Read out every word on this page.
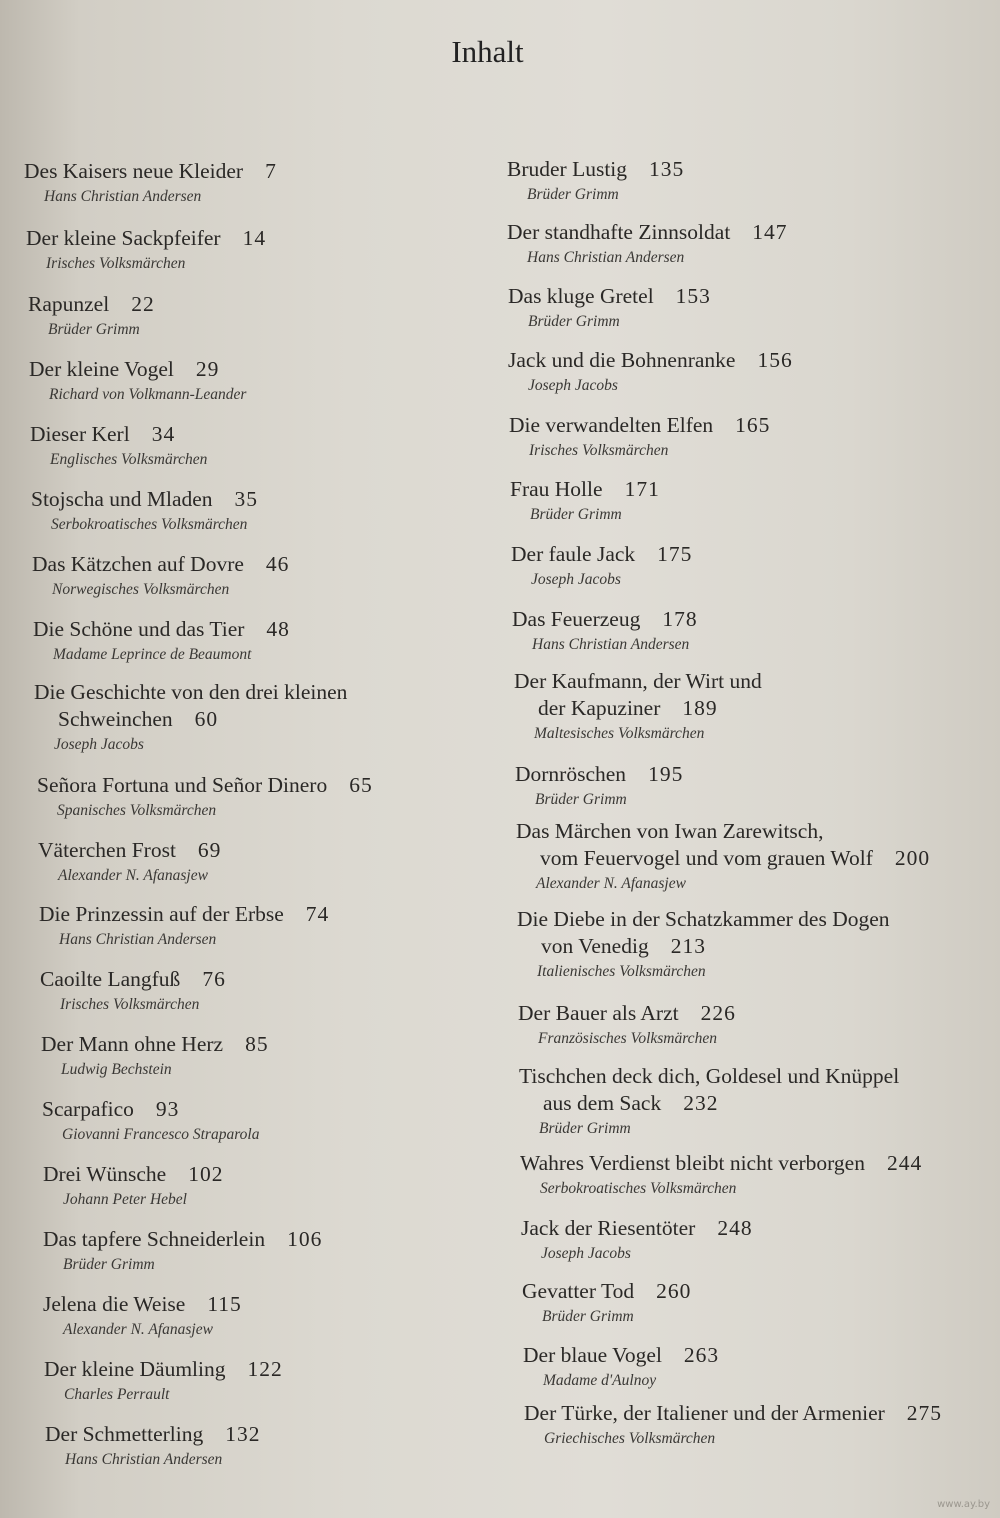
Inhalt
Des Kaisers neue Kleider 7
Hans Christian Andersen
Der kleine Sackpfeifer 14
Irisches Volksmärchen
Rapunzel 22
Brüder Grimm
Der kleine Vogel 29
Richard von Volkmann-Leander
Dieser Kerl 34
Englisches Volksmärchen
Stojscha und Mladen 35
Serbokroatisches Volksmärchen
Das Kätzchen auf Dovre 46
Norwegisches Volksmärchen
Die Schöne und das Tier 48
Madame Leprince de Beaumont
Die Geschichte von den drei kleinen
Schweinchen 60
Joseph Jacobs
Señora Fortuna und Señor Dinero 65
Spanisches Volksmärchen
Väterchen Frost 69
Alexander N. Afanasjew
Die Prinzessin auf der Erbse 74
Hans Christian Andersen
Caoilte Langfuß 76
Irisches Volksmärchen
Der Mann ohne Herz 85
Ludwig Bechstein
Scarpafico 93
Giovanni Francesco Straparola
Drei Wünsche 102
Johann Peter Hebel
Das tapfere Schneiderlein 106
Brüder Grimm
Jelena die Weise 115
Alexander N. Afanasjew
Der kleine Däumling 122
Charles Perrault
Der Schmetterling 132
Hans Christian Andersen
Bruder Lustig 135
Brüder Grimm
Der standhafte Zinnsoldat 147
Hans Christian Andersen
Das kluge Gretel 153
Brüder Grimm
Jack und die Bohnenranke 156
Joseph Jacobs
Die verwandelten Elfen 165
Irisches Volksmärchen
Frau Holle 171
Brüder Grimm
Der faule Jack 175
Joseph Jacobs
Das Feuerzeug 178
Hans Christian Andersen
Der Kaufmann, der Wirt und
der Kapuziner 189
Maltesisches Volksmärchen
Dornröschen 195
Brüder Grimm
Das Märchen von Iwan Zarewitsch,
vom Feuervogel und vom grauen Wolf 200
Alexander N. Afanasjew
Die Diebe in der Schatzkammer des Dogen
von Venedig 213
Italienisches Volksmärchen
Der Bauer als Arzt 226
Französisches Volksmärchen
Tischchen deck dich, Goldesel und Knüppel
aus dem Sack 232
Brüder Grimm
Wahres Verdienst bleibt nicht verborgen 244
Serbokroatisches Volksmärchen
Jack der Riesentöter 248
Joseph Jacobs
Gevatter Tod 260
Brüder Grimm
Der blaue Vogel 263
Madame d'Aulnoy
Der Türke, der Italiener und der Armenier 275
Griechisches Volksmärchen
www.ay.by
